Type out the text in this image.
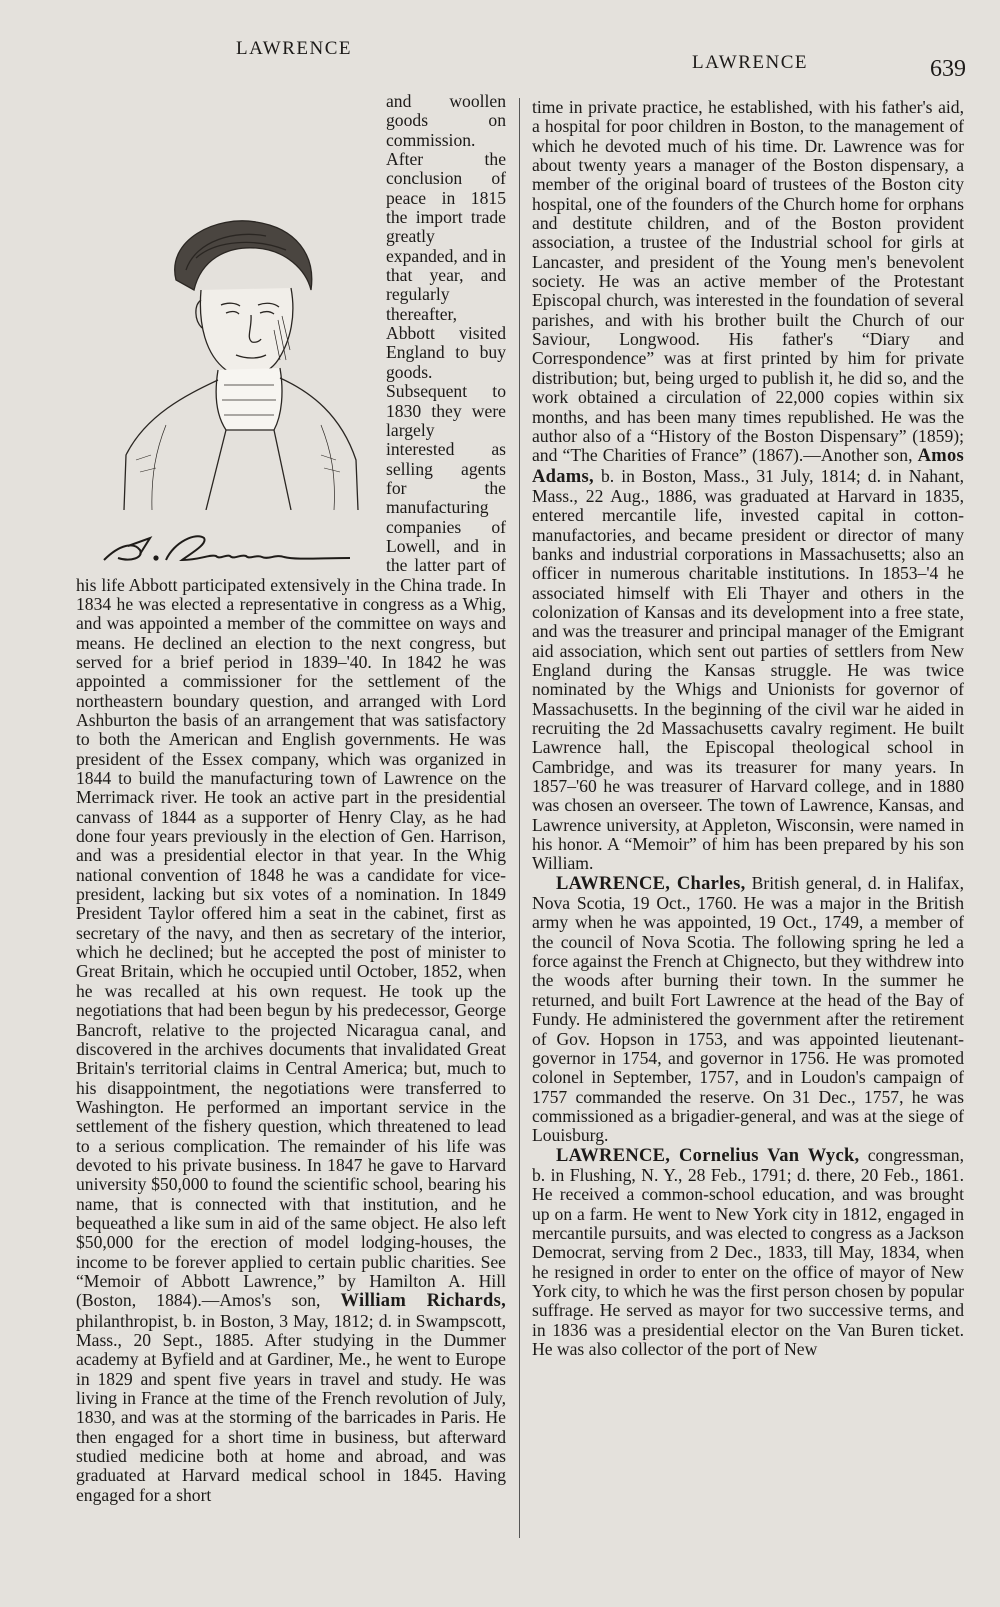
LAWRENCE
LAWRENCE	639

and woollen goods on commission. After the conclusion of peace in 1815 the import trade greatly expanded, and in that year, and regularly thereafter, Abbott visited England to buy goods. Subsequent to 1830 they were largely interested as selling agents for the manufacturing companies of Lowell, and in the latter part of his life Abbott participated extensively in the China trade. In 1834 he was elected a representative in congress as a Whig, and was appointed a member of the committee on ways and means. He declined an election to the next congress, but served for a brief period in 1839–'40. In 1842 he was appointed a commissioner for the settlement of the northeastern boundary question, and arranged with Lord Ashburton the basis of an arrangement that was satisfactory to both the American and English governments. He was president of the Essex company, which was organized in 1844 to build the manufacturing town of Lawrence on the Merrimack river. He took an active part in the presidential canvass of 1844 as a supporter of Henry Clay, as he had done four years previously in the election of Gen. Harrison, and was a presidential elector in that year. In the Whig national convention of 1848 he was a candidate for vice-president, lacking but six votes of a nomination. In 1849 President Taylor offered him a seat in the cabinet, first as secretary of the navy, and then as secretary of the interior, which he declined; but he accepted the post of minister to Great Britain, which he occupied until October, 1852, when he was recalled at his own request. He took up the negotiations that had been begun by his predecessor, George Bancroft, relative to the projected Nicaragua canal, and discovered in the archives documents that invalidated Great Britain's territorial claims in Central America; but, much to his disappointment, the negotiations were transferred to Washington. He performed an important service in the settlement of the fishery question, which threatened to lead to a serious complication. The remainder of his life was devoted to his private business. In 1847 he gave to Harvard university $50,000 to found the scientific school, bearing his name, that is connected with that institution, and he bequeathed a like sum in aid of the same object. He also left $50,000 for the erection of model lodging-houses, the income to be forever applied to certain public charities. See “Memoir of Abbott Lawrence,” by Hamilton A. Hill (Boston, 1884).—Amos's son, William Richards, philanthropist, b. in Boston, 3 May, 1812; d. in Swampscott, Mass., 20 Sept., 1885. After studying in the Dummer academy at Byfield and at Gardiner, Me., he went to Europe in 1829 and spent five years in travel and study. He was living in France at the time of the French revolution of July, 1830, and was at the storming of the barricades in Paris. He then engaged for a short time in business, but afterward studied medicine both at home and abroad, and was graduated at Harvard medical school in 1845. Having engaged for a short

time in private practice, he established, with his father's aid, a hospital for poor children in Boston, to the management of which he devoted much of his time. Dr. Lawrence was for about twenty years a manager of the Boston dispensary, a member of the original board of trustees of the Boston city hospital, one of the founders of the Church home for orphans and destitute children, and of the Boston provident association, a trustee of the Industrial school for girls at Lancaster, and president of the Young men's benevolent society. He was an active member of the Protestant Episcopal church, was interested in the foundation of several parishes, and with his brother built the Church of our Saviour, Longwood. His father's “Diary and Correspondence” was at first printed by him for private distribution; but, being urged to publish it, he did so, and the work obtained a circulation of 22,000 copies within six months, and has been many times republished. He was the author also of a “History of the Boston Dispensary” (1859); and “The Charities of France” (1867).—Another son, Amos Adams, b. in Boston, Mass., 31 July, 1814; d. in Nahant, Mass., 22 Aug., 1886, was graduated at Harvard in 1835, entered mercantile life, invested capital in cotton-manufactories, and became president or director of many banks and industrial corporations in Massachusetts; also an officer in numerous charitable institutions. In 1853–'4 he associated himself with Eli Thayer and others in the colonization of Kansas and its development into a free state, and was the treasurer and principal manager of the Emigrant aid association, which sent out parties of settlers from New England during the Kansas struggle. He was twice nominated by the Whigs and Unionists for governor of Massachusetts. In the beginning of the civil war he aided in recruiting the 2d Massachusetts cavalry regiment. He built Lawrence hall, the Episcopal theological school in Cambridge, and was its treasurer for many years. In 1857–'60 he was treasurer of Harvard college, and in 1880 was chosen an overseer. The town of Lawrence, Kansas, and Lawrence university, at Appleton, Wisconsin, were named in his honor. A “Memoir” of him has been prepared by his son William.

LAWRENCE, Charles, British general, d. in Halifax, Nova Scotia, 19 Oct., 1760. He was a major in the British army when he was appointed, 19 Oct., 1749, a member of the council of Nova Scotia. The following spring he led a force against the French at Chignecto, but they withdrew into the woods after burning their town. In the summer he returned, and built Fort Lawrence at the head of the Bay of Fundy. He administered the government after the retirement of Gov. Hopson in 1753, and was appointed lieutenant-governor in 1754, and governor in 1756. He was promoted colonel in September, 1757, and in Loudon's campaign of 1757 commanded the reserve. On 31 Dec., 1757, he was commissioned as a brigadier-general, and was at the siege of Louisburg.

LAWRENCE, Cornelius Van Wyck, congressman, b. in Flushing, N. Y., 28 Feb., 1791; d. there, 20 Feb., 1861. He received a common-school education, and was brought up on a farm. He went to New York city in 1812, engaged in mercantile pursuits, and was elected to congress as a Jackson Democrat, serving from 2 Dec., 1833, till May, 1834, when he resigned in order to enter on the office of mayor of New York city, to which he was the first person chosen by popular suffrage. He served as mayor for two successive terms, and in 1836 was a presidential elector on the Van Buren ticket. He was also collector of the port of New
